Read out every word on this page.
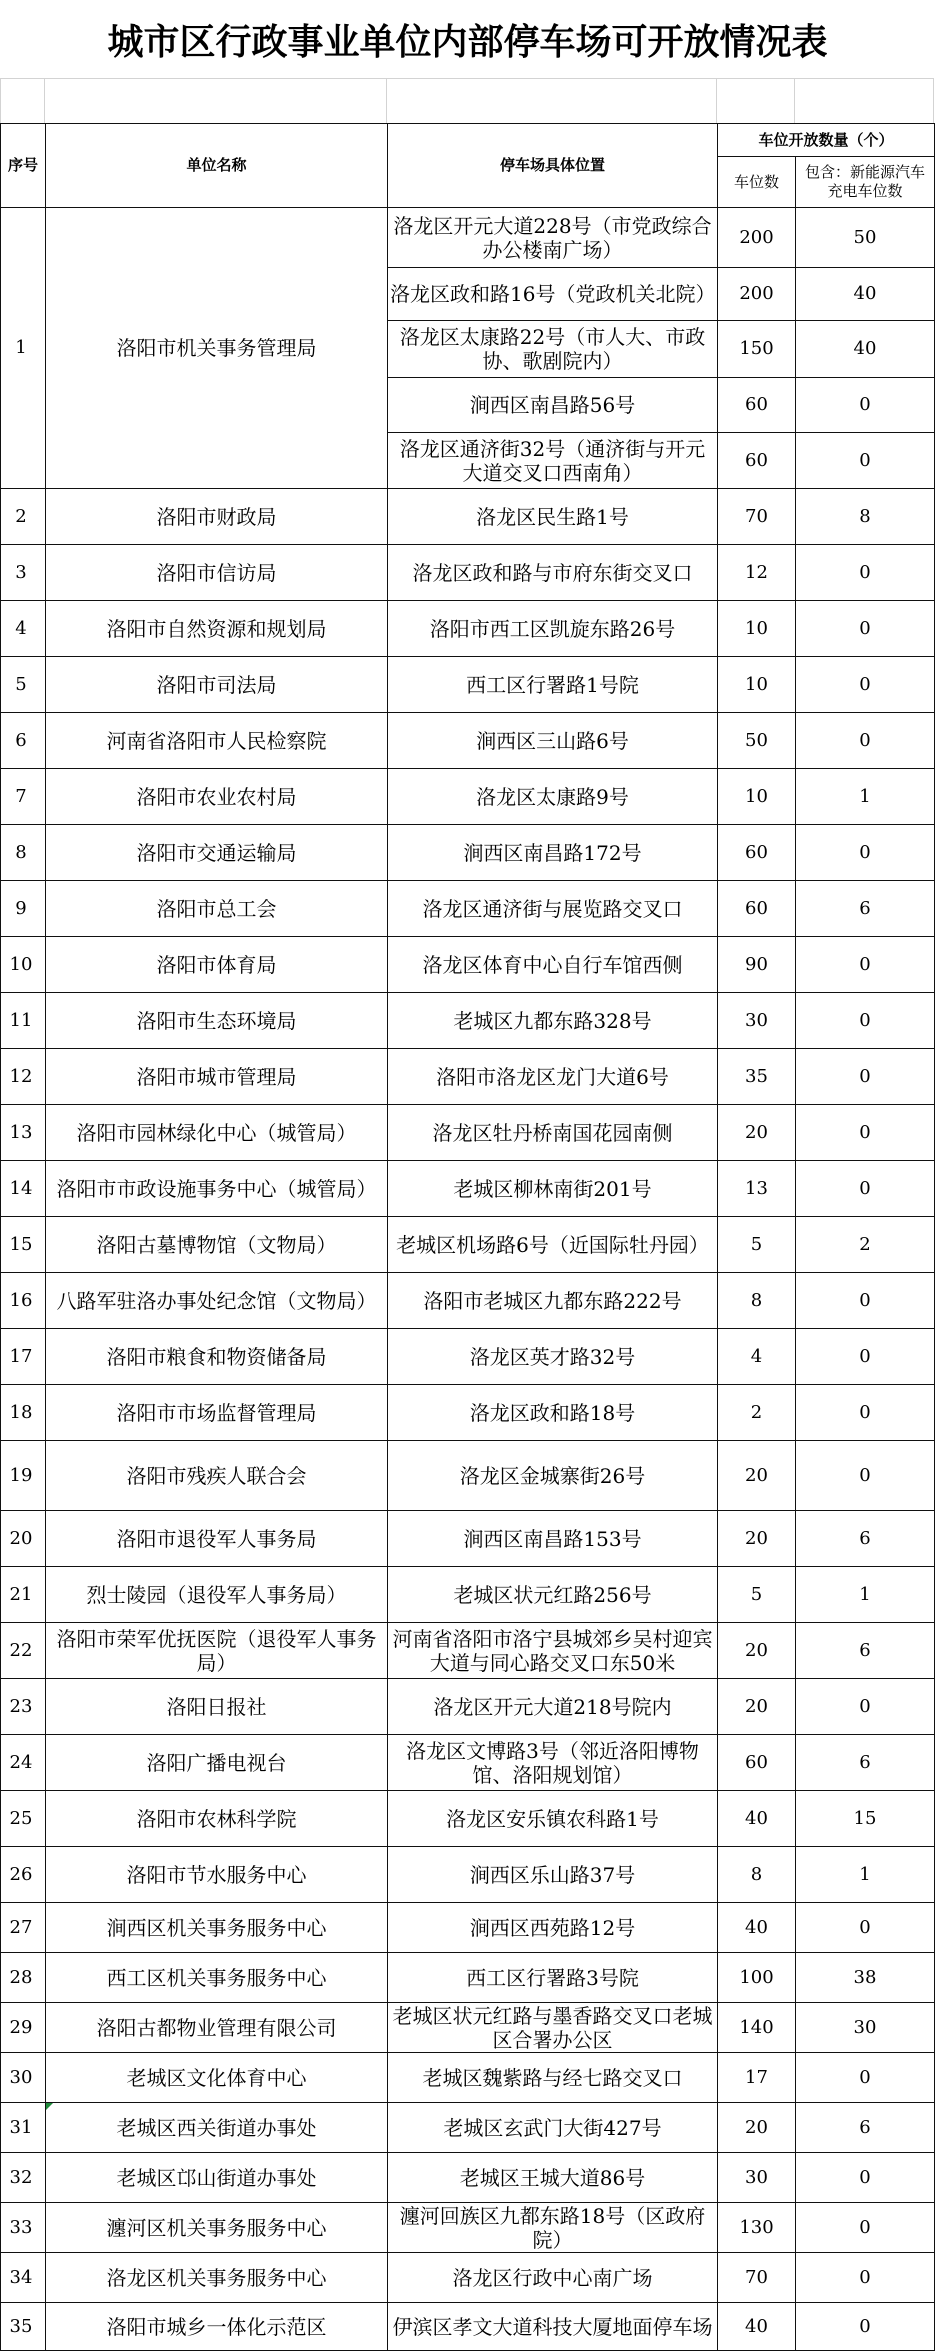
城市区行政事业单位内部停车场可开放情况表
序号	单位名称	停车场具体位置	车位开放数量（个）	
			车位数	包含：新能源汽车充电车位数
1	洛阳市机关事务管理局	洛龙区开元大道228号（市党政综合办公楼南广场）	200	50
		洛龙区政和路16号（党政机关北院）	200	40
		洛龙区太康路22号（市人大、市政协、歌剧院内）	150	40
		涧西区南昌路56号	60	0
		洛龙区通济街32号（通济街与开元大道交叉口西南角）	60	0
2	洛阳市财政局	洛龙区民生路1号	70	8
3	洛阳市信访局	洛龙区政和路与市府东街交叉口	12	0
4	洛阳市自然资源和规划局	洛阳市西工区凯旋东路26号	10	0
5	洛阳市司法局	西工区行署路1号院	10	0
6	河南省洛阳市人民检察院	涧西区三山路6号	50	0
7	洛阳市农业农村局	洛龙区太康路9号	10	1
8	洛阳市交通运输局	涧西区南昌路172号	60	0
9	洛阳市总工会	洛龙区通济街与展览路交叉口	60	6
10	洛阳市体育局	洛龙区体育中心自行车馆西侧	90	0
11	洛阳市生态环境局	老城区九都东路328号	30	0
12	洛阳市城市管理局	洛阳市洛龙区龙门大道6号	35	0
13	洛阳市园林绿化中心（城管局）	洛龙区牡丹桥南国花园南侧	20	0
14	洛阳市市政设施事务中心（城管局）	老城区柳林南街201号	13	0
15	洛阳古墓博物馆（文物局）	老城区机场路6号（近国际牡丹园）	5	2
16	八路军驻洛办事处纪念馆（文物局）	洛阳市老城区九都东路222号	8	0
17	洛阳市粮食和物资储备局	洛龙区英才路32号	4	0
18	洛阳市市场监督管理局	洛龙区政和路18号	2	0
19	洛阳市残疾人联合会	洛龙区金城寨街26号	20	0
20	洛阳市退役军人事务局	涧西区南昌路153号	20	6
21	烈士陵园（退役军人事务局）	老城区状元红路256号	5	1
22	洛阳市荣军优抚医院（退役军人事务局）	河南省洛阳市洛宁县城郊乡吴村迎宾大道与同心路交叉口东50米	20	6
23	洛阳日报社	洛龙区开元大道218号院内	20	0
24	洛阳广播电视台	洛龙区文博路3号（邻近洛阳博物馆、洛阳规划馆）	60	6
25	洛阳市农林科学院	洛龙区安乐镇农科路1号	40	15
26	洛阳市节水服务中心	涧西区乐山路37号	8	1
27	涧西区机关事务服务中心	涧西区西苑路12号	40	0
28	西工区机关事务服务中心	西工区行署路3号院	100	38
29	洛阳古都物业管理有限公司	老城区状元红路与墨香路交叉口老城区合署办公区	140	30
30	老城区文化体育中心	老城区魏紫路与经七路交叉口	17	0
31	老城区西关街道办事处	老城区玄武门大街427号	20	6
32	老城区邙山街道办事处	老城区王城大道86号	30	0
33	瀍河区机关事务服务中心	瀍河回族区九都东路18号（区政府院）	130	0
34	洛龙区机关事务服务中心	洛龙区行政中心南广场	70	0
35	洛阳市城乡一体化示范区	伊滨区孝文大道科技大厦地面停车场	40	0
